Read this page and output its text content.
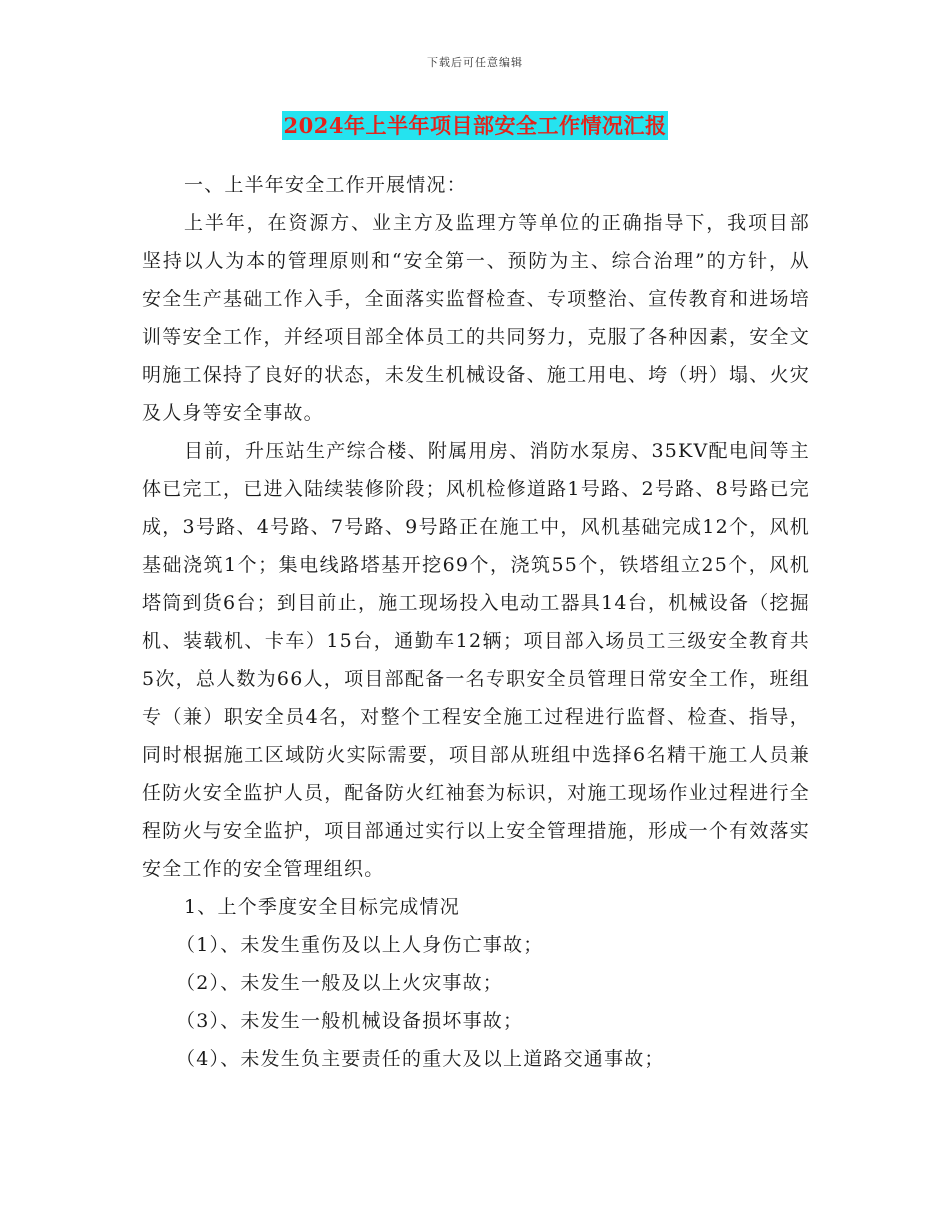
下载后可任意编辑
2024年上半年项目部安全工作情况汇报

一、上半年安全工作开展情况：

上半年，在资源方、业主方及监理方等单位的正确指导下，我项目部坚持以人为本的管理原则和“安全第一、预防为主、综合治理”的方针，从安全生产基础工作入手，全面落实监督检查、专项整治、宣传教育和进场培训等安全工作，并经项目部全体员工的共同努力，克服了各种因素，安全文明施工保持了良好的状态，未发生机械设备、施工用电、垮（坍）塌、火灾及人身等安全事故。

目前，升压站生产综合楼、附属用房、消防水泵房、35KV配电间等主体已完工，已进入陆续装修阶段；风机检修道路1号路、2号路、8号路已完成，3号路、4号路、7号路、9号路正在施工中，风机基础完成12个，风机基础浇筑1个；集电线路塔基开挖69个，浇筑55个，铁塔组立25个，风机塔筒到货6台；到目前止，施工现场投入电动工器具14台，机械设备（挖掘机、装载机、卡车）15台，通勤车12辆；项目部入场员工三级安全教育共5次，总人数为66人，项目部配备一名专职安全员管理日常安全工作，班组专（兼）职安全员4名，对整个工程安全施工过程进行监督、检查、指导，同时根据施工区域防火实际需要，项目部从班组中选择6名精干施工人员兼任防火安全监护人员，配备防火红袖套为标识，对施工现场作业过程进行全程防火与安全监护，项目部通过实行以上安全管理措施，形成一个有效落实安全工作的安全管理组织。

1、上个季度安全目标完成情况

（1）、未发生重伤及以上人身伤亡事故；

（2）、未发生一般及以上火灾事故；

（3）、未发生一般机械设备损坏事故；

（4）、未发生负主要责任的重大及以上道路交通事故；
